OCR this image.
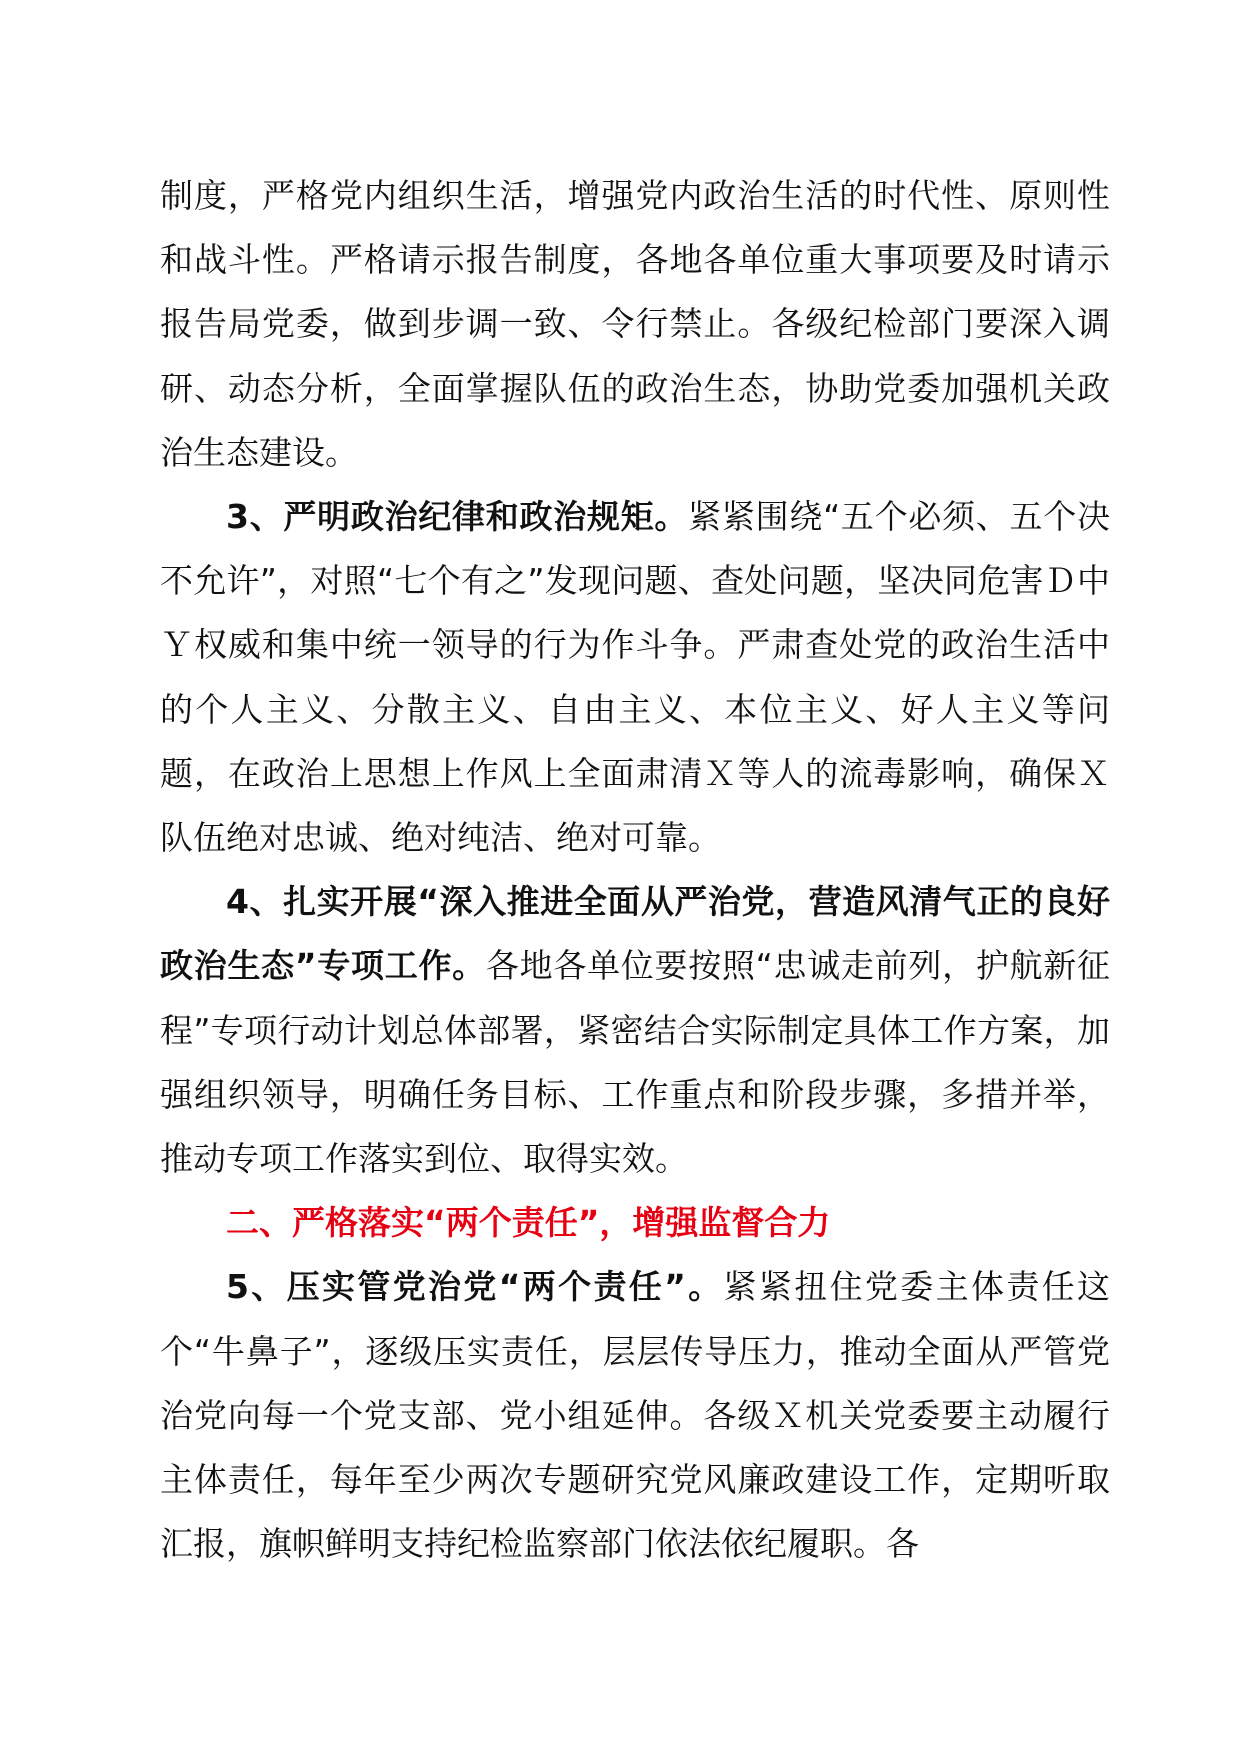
制度，严格党内组织生活，增强党内政治生活的时代性、原则性和战斗性。严格请示报告制度，各地各单位重大事项要及时请示报告局党委，做到步调一致、令行禁止。各级纪检部门要深入调研、动态分析，全面掌握队伍的政治生态，协助党委加强机关政治生态建设。

3、严明政治纪律和政治规矩。紧紧围绕“五个必须、五个决不允许”，对照“七个有之”发现问题、查处问题，坚决同危害Ｄ中Ｙ权威和集中统一领导的行为作斗争。严肃查处党的政治生活中的个人主义、分散主义、自由主义、本位主义、好人主义等问题，在政治上思想上作风上全面肃清Ｘ等人的流毒影响，确保Ｘ队伍绝对忠诚、绝对纯洁、绝对可靠。

4、扎实开展“深入推进全面从严治党，营造风清气正的良好政治生态”专项工作。各地各单位要按照“忠诚走前列，护航新征程”专项行动计划总体部署，紧密结合实际制定具体工作方案，加强组织领导，明确任务目标、工作重点和阶段步骤，多措并举，推动专项工作落实到位、取得实效。

二、严格落实“两个责任”，增强监督合力

5、压实管党治党“两个责任”。紧紧扭住党委主体责任这个“牛鼻子”，逐级压实责任，层层传导压力，推动全面从严管党治党向每一个党支部、党小组延伸。各级Ｘ机关党委要主动履行主体责任，每年至少两次专题研究党风廉政建设工作，定期听取汇报，旗帜鲜明支持纪检监察部门依法依纪履职。各
